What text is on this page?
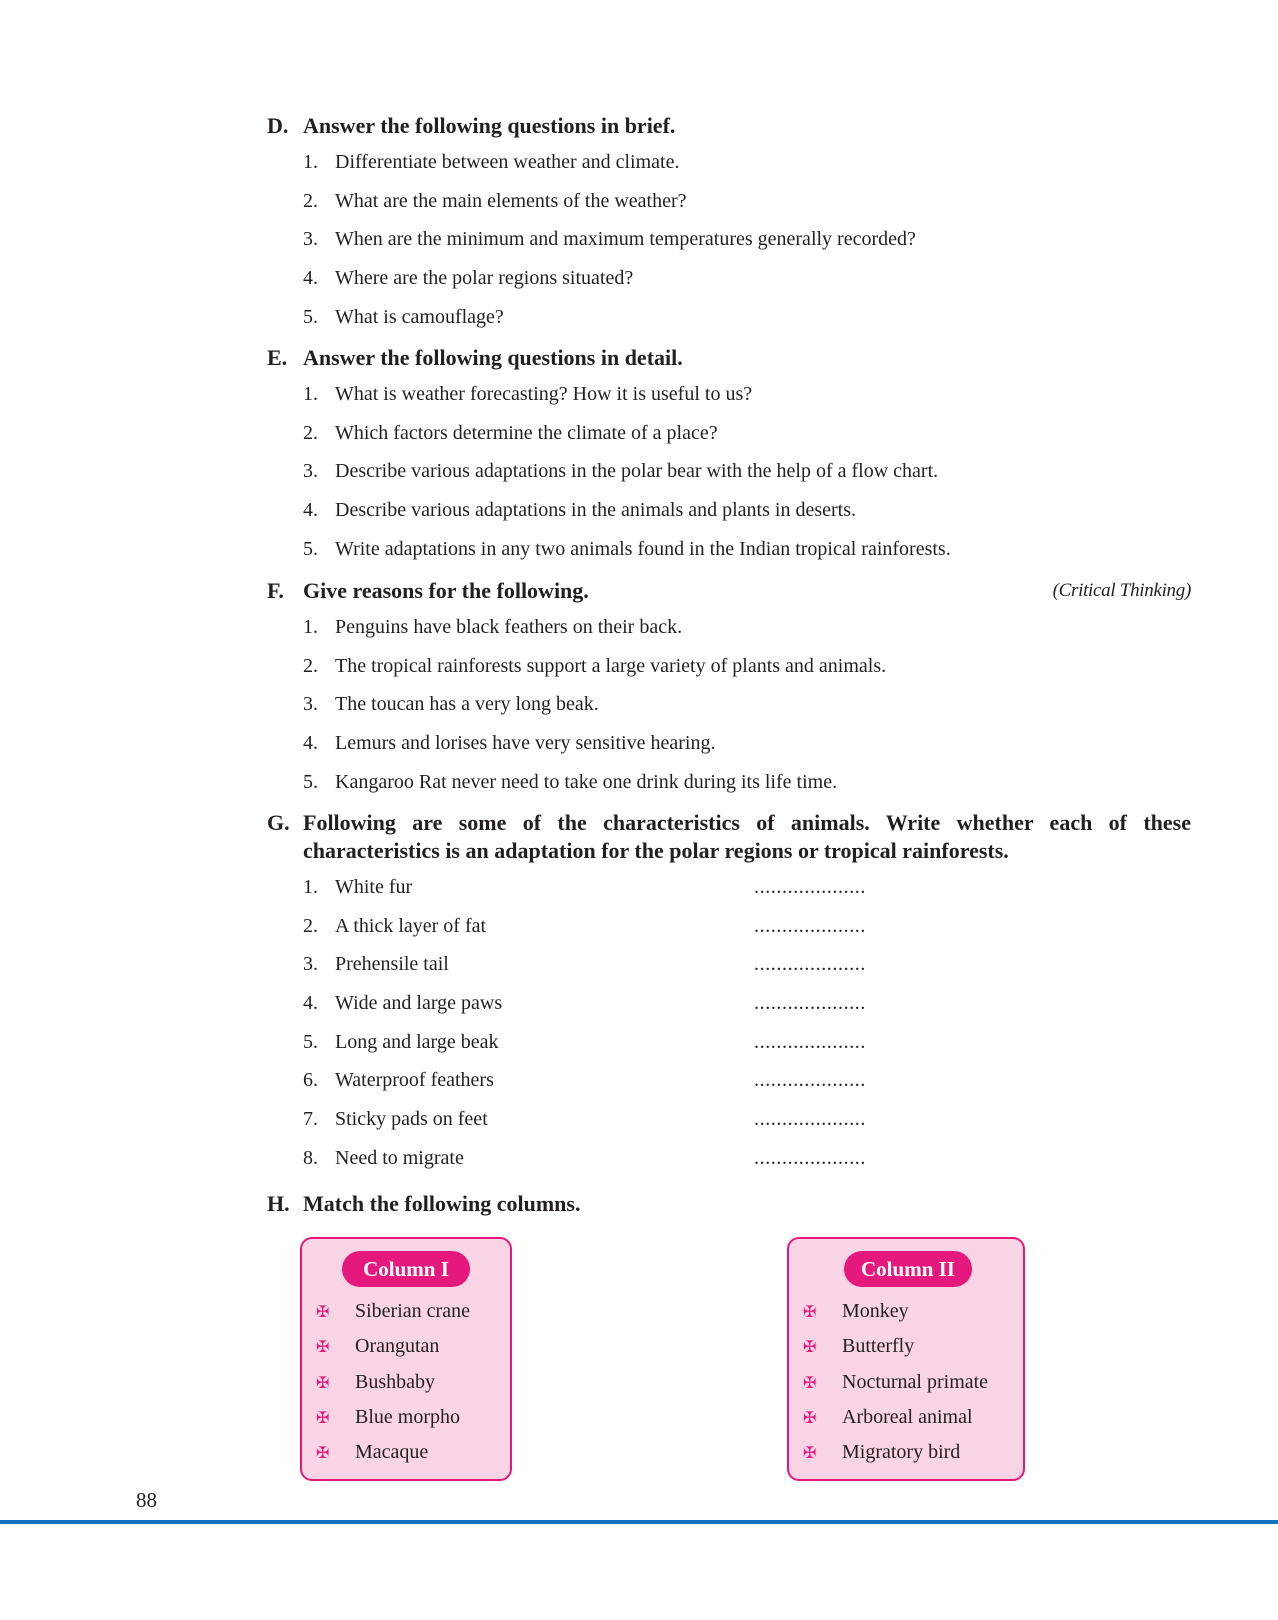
D. Answer the following questions in brief.
1. Differentiate between weather and climate.
2. What are the main elements of the weather?
3. When are the minimum and maximum temperatures generally recorded?
4. Where are the polar regions situated?
5. What is camouflage?
E. Answer the following questions in detail.
1. What is weather forecasting? How it is useful to us?
2. Which factors determine the climate of a place?
3. Describe various adaptations in the polar bear with the help of a flow chart.
4. Describe various adaptations in the animals and plants in deserts.
5. Write adaptations in any two animals found in the Indian tropical rainforests.
F. Give reasons for the following.	(Critical Thinking)
1. Penguins have black feathers on their back.
2. The tropical rainforests support a large variety of plants and animals.
3. The toucan has a very long beak.
4. Lemurs and lorises have very sensitive hearing.
5. Kangaroo Rat never need to take one drink during its life time.
G. Following are some of the characteristics of animals. Write whether each of these characteristics is an adaptation for the polar regions or tropical rainforests.
1. White fur	....................
2. A thick layer of fat	....................
3. Prehensile tail	....................
4. Wide and large paws	....................
5. Long and large beak	....................
6. Waterproof feathers	....................
7. Sticky pads on feet	....................
8. Need to migrate	....................
H. Match the following columns.
Column I
✠ Siberian crane
✠ Orangutan
✠ Bushbaby
✠ Blue morpho
✠ Macaque
Column II
✠ Monkey
✠ Butterfly
✠ Nocturnal primate
✠ Arboreal animal
✠ Migratory bird
88
